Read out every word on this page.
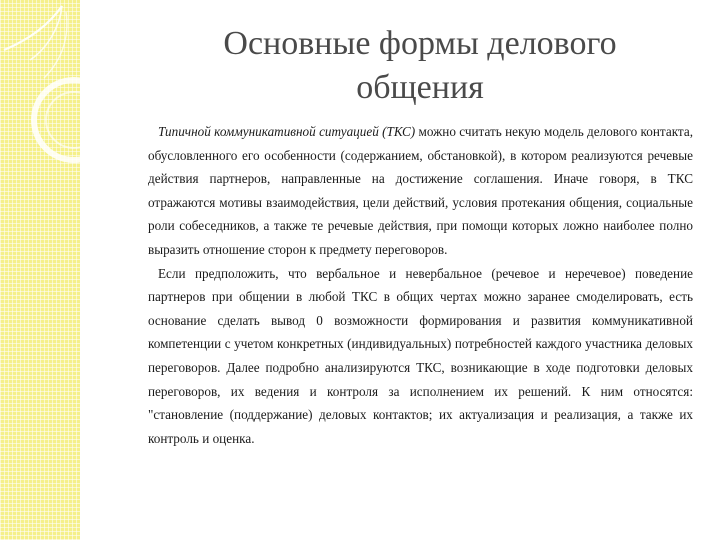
Основные формы делового
общения

Типичной коммуникативной ситуацией (ТКС) можно считать некую модель делового контакта, обусловленного его особенности (содержанием, обстановкой), в котором реализуются речевые действия партнеров, направленные на достижение соглашения. Иначе говоря, в ТКС отражаются мотивы взаимодействия, цели действий, условия протекания общения, социальные роли собеседников, а также те речевые действия, при помощи которых ложно наиболее полно выразить отношение сторон к предмету переговоров.

Если предположить, что вербальное и невербальное (речевое и неречевое) поведение партнеров при общении в любой ТКС в общих чертах можно заранее смоделировать, есть основание сделать вывод 0 возможности формирования и развития коммуникативной компетенции с учетом конкретных (индивидуальных) потребностей каждого участника деловых переговоров. Далее подробно анализируются ТКС, возникающие в ходе подготовки деловых переговоров, их ведения и контроля за исполнением их решений. К ним относятся: "становление (поддержание) деловых контактов; их актуализация и реализация, а также их контроль и оценка.
